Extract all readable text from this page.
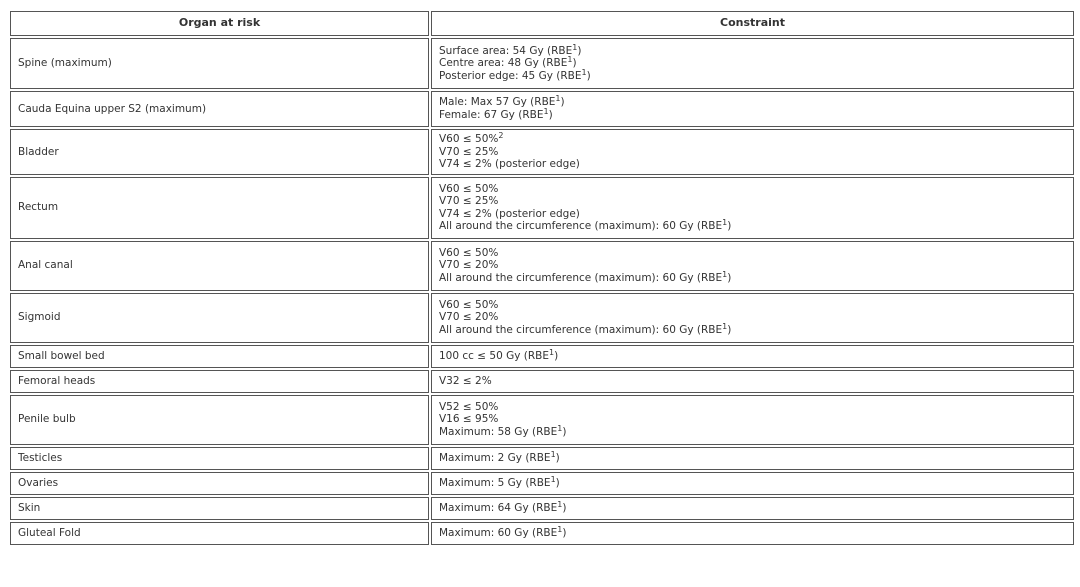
Organ at risk	Constraint
Spine (maximum)	Surface area: 54 Gy (RBE$^1$)
Centre area: 48 Gy (RBE$^1$)
Posterior edge: 45 Gy (RBE$^1$)

Cauda Equina upper S2 (maximum)	Male: Max 57 Gy (RBE$^1$)
Female: 67 Gy (RBE$^1$)

Bladder	V60 ≤ 50%$^2$
V70 ≤ 25%
V74 ≤ 2% (posterior edge)

Rectum	V60 ≤ 50%
V70 ≤ 25%
V74 ≤ 2% (posterior edge)
All around the circumference (maximum): 60 Gy (RBE$^1$)

Anal canal	V60 ≤ 50%
V70 ≤ 20%
All around the circumference (maximum): 60 Gy (RBE$^1$)

Sigmoid	V60 ≤ 50%
V70 ≤ 20%
All around the circumference (maximum): 60 Gy (RBE$^1$)

Small bowel bed	100 cc ≤ 50 Gy (RBE$^1$)

Femoral heads	V32 ≤ 2%

Penile bulb	V52 ≤ 50%
V16 ≤ 95%
Maximum: 58 Gy (RBE$^1$)

Testicles	Maximum: 2 Gy (RBE$^1$)

Ovaries	Maximum: 5 Gy (RBE$^1$)

Skin	Maximum: 64 Gy (RBE$^1$)

Gluteal Fold	Maximum: 60 Gy (RBE$^1$)
